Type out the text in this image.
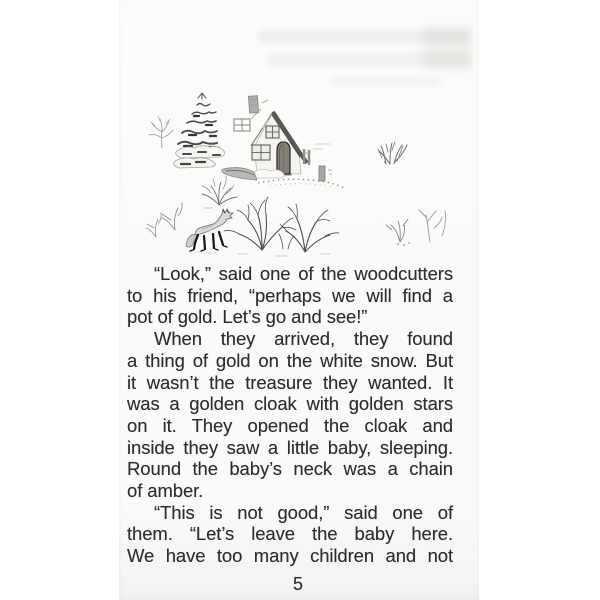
“Look,” said one of the woodcutters
to his friend, “perhaps we will find a
pot of gold. Let’s go and see!”
When they arrived, they found
a thing of gold on the white snow. But
it wasn’t the treasure they wanted. It
was a golden cloak with golden stars
on it. They opened the cloak and
inside they saw a little baby, sleeping.
Round the baby’s neck was a chain
of amber.
“This is not good,” said one of
them. “Let’s leave the baby here.
We have too many children and not
5
